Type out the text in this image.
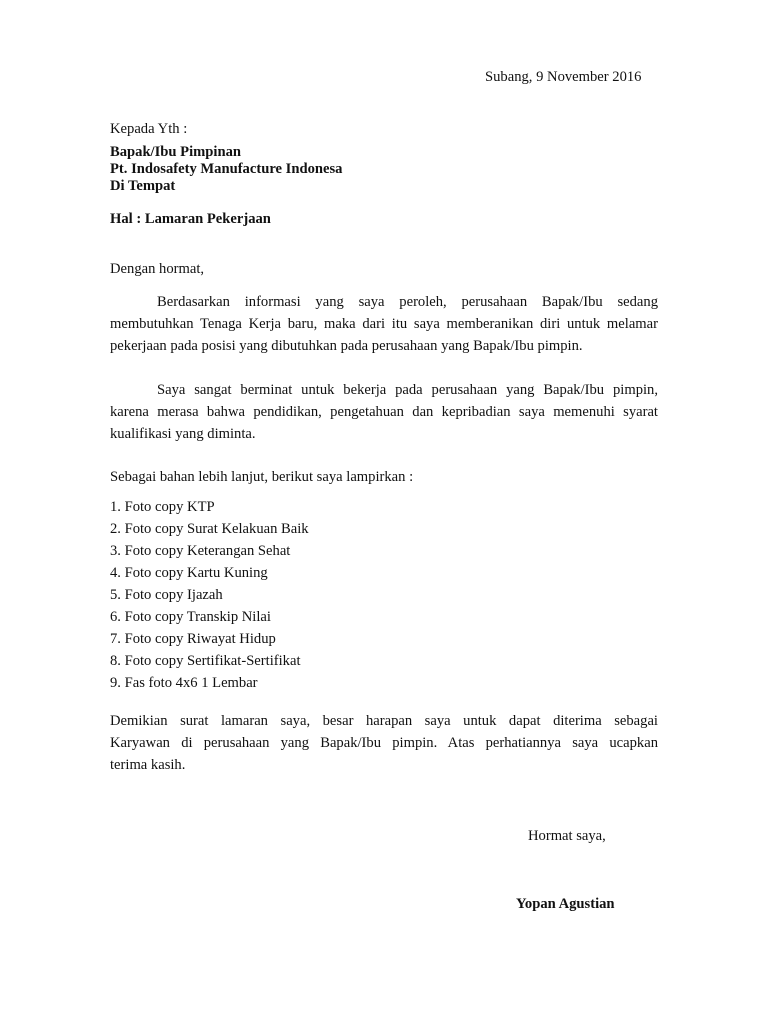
Subang, 9 November 2016
Kepada Yth :
Bapak/Ibu Pimpinan
Pt. Indosafety Manufacture Indonesa
Di Tempat
Hal : Lamaran Pekerjaan
Dengan hormat,
Berdasarkan informasi yang saya peroleh, perusahaan Bapak/Ibu sedang
membutuhkan Tenaga Kerja baru, maka dari itu saya memberanikan diri untuk melamar
pekerjaan pada posisi yang dibutuhkan pada perusahaan yang Bapak/Ibu pimpin.
Saya sangat berminat untuk bekerja pada perusahaan yang Bapak/Ibu pimpin,
karena merasa bahwa pendidikan, pengetahuan dan kepribadian saya memenuhi syarat
kualifikasi yang diminta.
Sebagai bahan lebih lanjut, berikut saya lampirkan :
1. Foto copy KTP
2. Foto copy Surat Kelakuan Baik
3. Foto copy Keterangan Sehat
4. Foto copy Kartu Kuning
5. Foto copy Ijazah
6. Foto copy Transkip Nilai
7. Foto copy Riwayat Hidup
8. Foto copy Sertifikat-Sertifikat
9. Fas foto 4x6 1 Lembar
Demikian surat lamaran saya, besar harapan saya untuk dapat diterima sebagai
Karyawan di perusahaan yang Bapak/Ibu pimpin. Atas perhatiannya saya ucapkan
terima kasih.
Hormat saya,
Yopan Agustian
